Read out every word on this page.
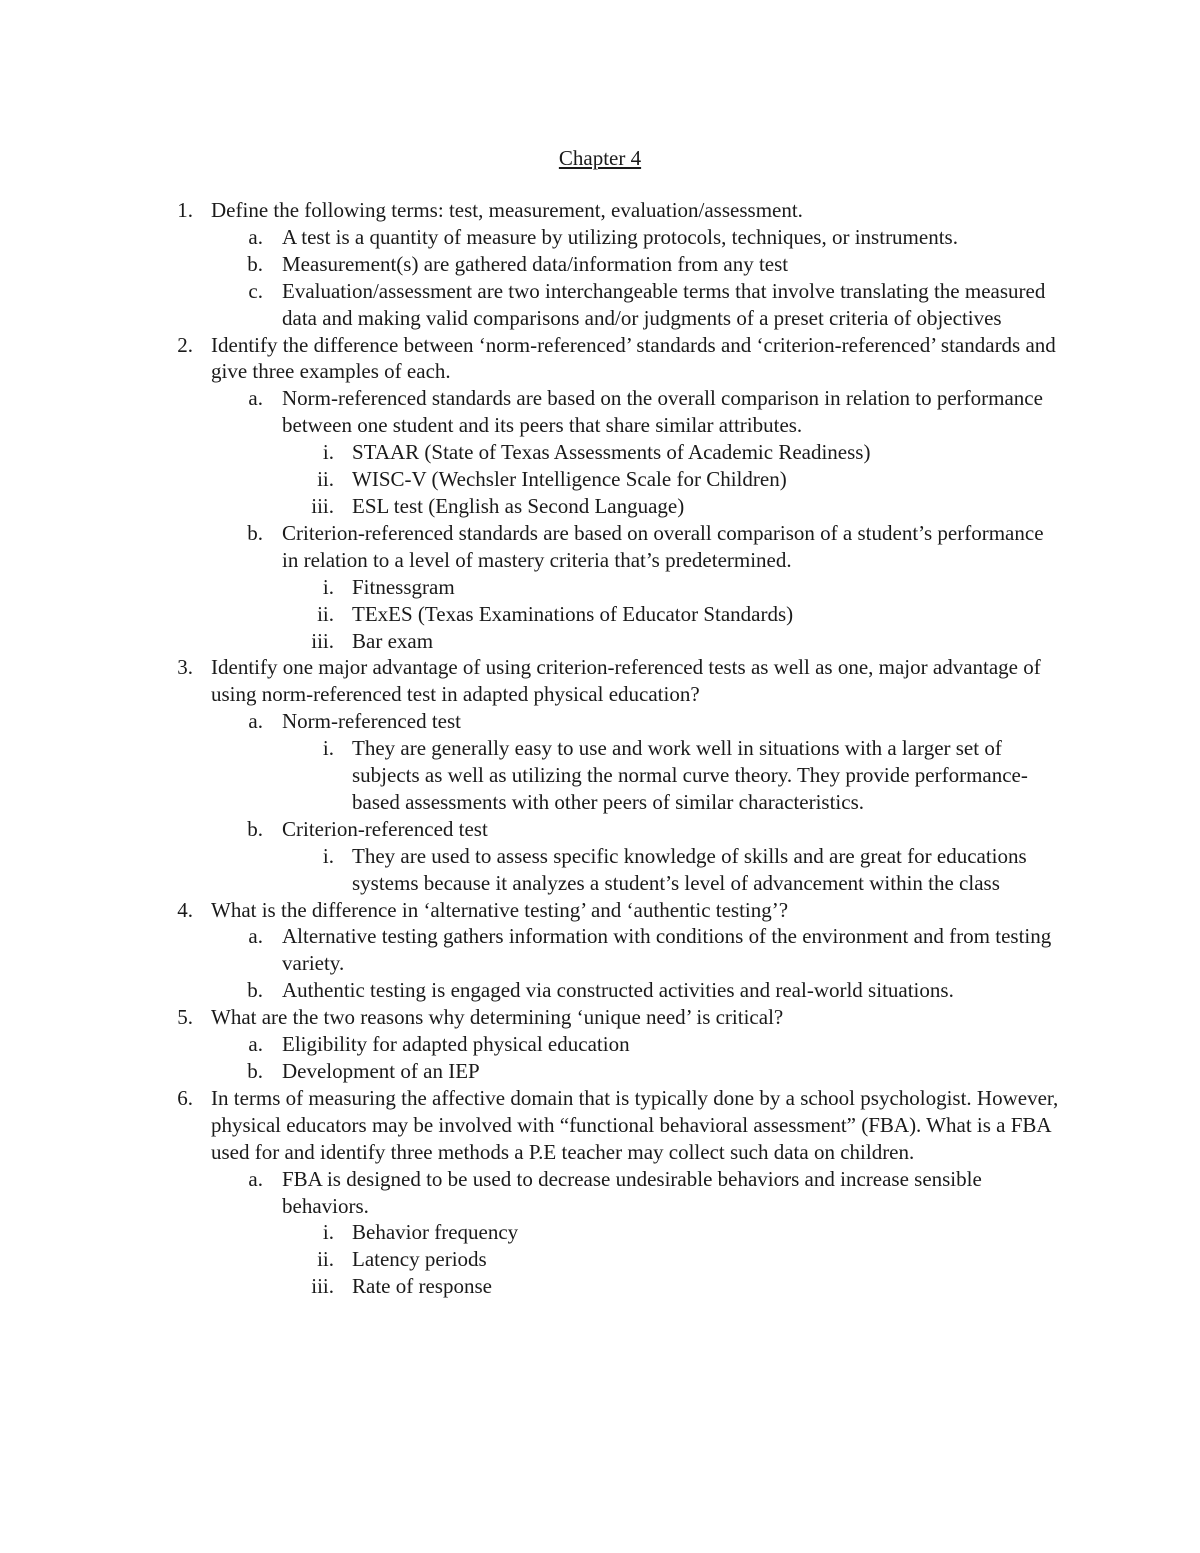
Chapter 4
1. Define the following terms: test, measurement, evaluation/assessment.
a. A test is a quantity of measure by utilizing protocols, techniques, or instruments.
b. Measurement(s) are gathered data/information from any test
c. Evaluation/assessment are two interchangeable terms that involve translating the measured data and making valid comparisons and/or judgments of a preset criteria of objectives
2. Identify the difference between ‘norm-referenced’ standards and ‘criterion-referenced’ standards and give three examples of each.
a. Norm-referenced standards are based on the overall comparison in relation to performance between one student and its peers that share similar attributes.
i. STAAR (State of Texas Assessments of Academic Readiness)
ii. WISC-V (Wechsler Intelligence Scale for Children)
iii. ESL test (English as Second Language)
b. Criterion-referenced standards are based on overall comparison of a student’s performance in relation to a level of mastery criteria that’s predetermined.
i. Fitnessgram
ii. TExES (Texas Examinations of Educator Standards)
iii. Bar exam
3. Identify one major advantage of using criterion-referenced tests as well as one, major advantage of using norm-referenced test in adapted physical education?
a. Norm-referenced test
i. They are generally easy to use and work well in situations with a larger set of subjects as well as utilizing the normal curve theory. They provide performance-based assessments with other peers of similar characteristics.
b. Criterion-referenced test
i. They are used to assess specific knowledge of skills and are great for educations systems because it analyzes a student’s level of advancement within the class
4. What is the difference in ‘alternative testing’ and ‘authentic testing’?
a. Alternative testing gathers information with conditions of the environment and from testing variety.
b. Authentic testing is engaged via constructed activities and real-world situations.
5. What are the two reasons why determining ‘unique need’ is critical?
a. Eligibility for adapted physical education
b. Development of an IEP
6. In terms of measuring the affective domain that is typically done by a school psychologist. However, physical educators may be involved with “functional behavioral assessment” (FBA). What is a FBA used for and identify three methods a P.E teacher may collect such data on children.
a. FBA is designed to be used to decrease undesirable behaviors and increase sensible behaviors.
i. Behavior frequency
ii. Latency periods
iii. Rate of response
